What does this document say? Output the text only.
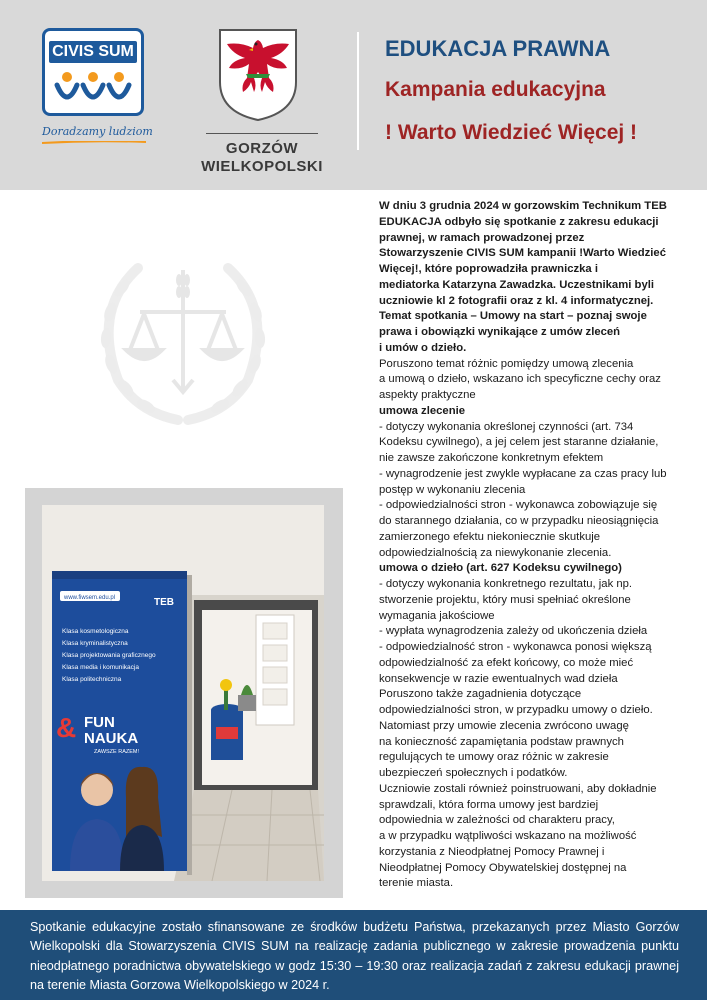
CIVIS SUM
Doradzamy ludziom
GORZÓW
WIELKOPOLSKI
EDUKACJA PRAWNA
Kampania edukacyjna
! Warto Wiedzieć Więcej !
www.fiwsem.edu.pl	TEB
Klasa kosmetologiczna
Klasa kryminalistyczna
Klasa projektowania graficznego
Klasa media i komunikacja
Klasa politechniczna
& FUN
NAUKA
ZAWSZE RAZEM!
W dniu 3 grudnia 2024 w gorzowskim Technikum TEB
EDUKACJA odbyło się spotkanie z zakresu edukacji
prawnej, w ramach prowadzonej przez
Stowarzyszenie CIVIS SUM kampanii !Warto Wiedzieć
Więcej!, które poprowadziła prawniczka i
mediatorka Katarzyna Zawadzka. Uczestnikami byli
uczniowie kl 2 fotografii oraz z kl. 4 informatycznej.
Temat spotkania – Umowy na start – poznaj swoje
prawa i obowiązki wynikające z umów zleceń
i umów o dzieło.
Poruszono temat różnic pomiędzy umową zlecenia
a umową o dzieło, wskazano ich specyficzne cechy oraz
aspekty praktyczne
umowa zlecenie
- dotyczy wykonania określonej czynności (art. 734
Kodeksu cywilnego), a jej celem jest staranne działanie,
nie zawsze zakończone konkretnym efektem
- wynagrodzenie jest zwykle wypłacane za czas pracy lub
postęp w wykonaniu zlecenia
- odpowiedzialności stron - wykonawca zobowiązuje się
do starannego działania, co w przypadku nieosiągnięcia
zamierzonego efektu niekoniecznie skutkuje
odpowiedzialnością za niewykonanie zlecenia.
umowa o dzieło (art. 627 Kodeksu cywilnego)
- dotyczy wykonania konkretnego rezultatu, jak np.
stworzenie projektu, który musi spełniać określone
wymagania jakościowe
- wypłata wynagrodzenia zależy od ukończenia dzieła
- odpowiedzialność stron - wykonawca ponosi większą
odpowiedzialność za efekt końcowy, co może mieć
konsekwencje w razie ewentualnych wad dzieła
Poruszono także zagadnienia dotyczące
odpowiedzialności stron, w przypadku umowy o dzieło.
Natomiast przy umowie zlecenia zwrócono uwagę
na konieczność zapamiętania podstaw prawnych
regulujących te umowy oraz różnic w zakresie
ubezpieczeń społecznych i podatków.
Uczniowie zostali również poinstruowani, aby dokładnie
sprawdzali, która forma umowy jest bardziej
odpowiednia w zależności od charakteru pracy,
a w przypadku wątpliwości wskazano na możliwość
korzystania z Nieodpłatnej Pomocy Prawnej i
Nieodpłatnej Pomocy Obywatelskiej dostępnej na
terenie miasta.
Spotkanie edukacyjne zostało sfinansowane ze środków budżetu Państwa, przekazanych przez Miasto Gorzów Wielkopolski dla Stowarzyszenia CIVIS SUM na realizację zadania publicznego w zakresie prowadzenia punktu nieodpłatnego poradnictwa obywatelskiego w godz 15:30 – 19:30 oraz realizacja zadań z zakresu edukacji prawnej na terenie Miasta Gorzowa Wielkopolskiego w 2024 r.
